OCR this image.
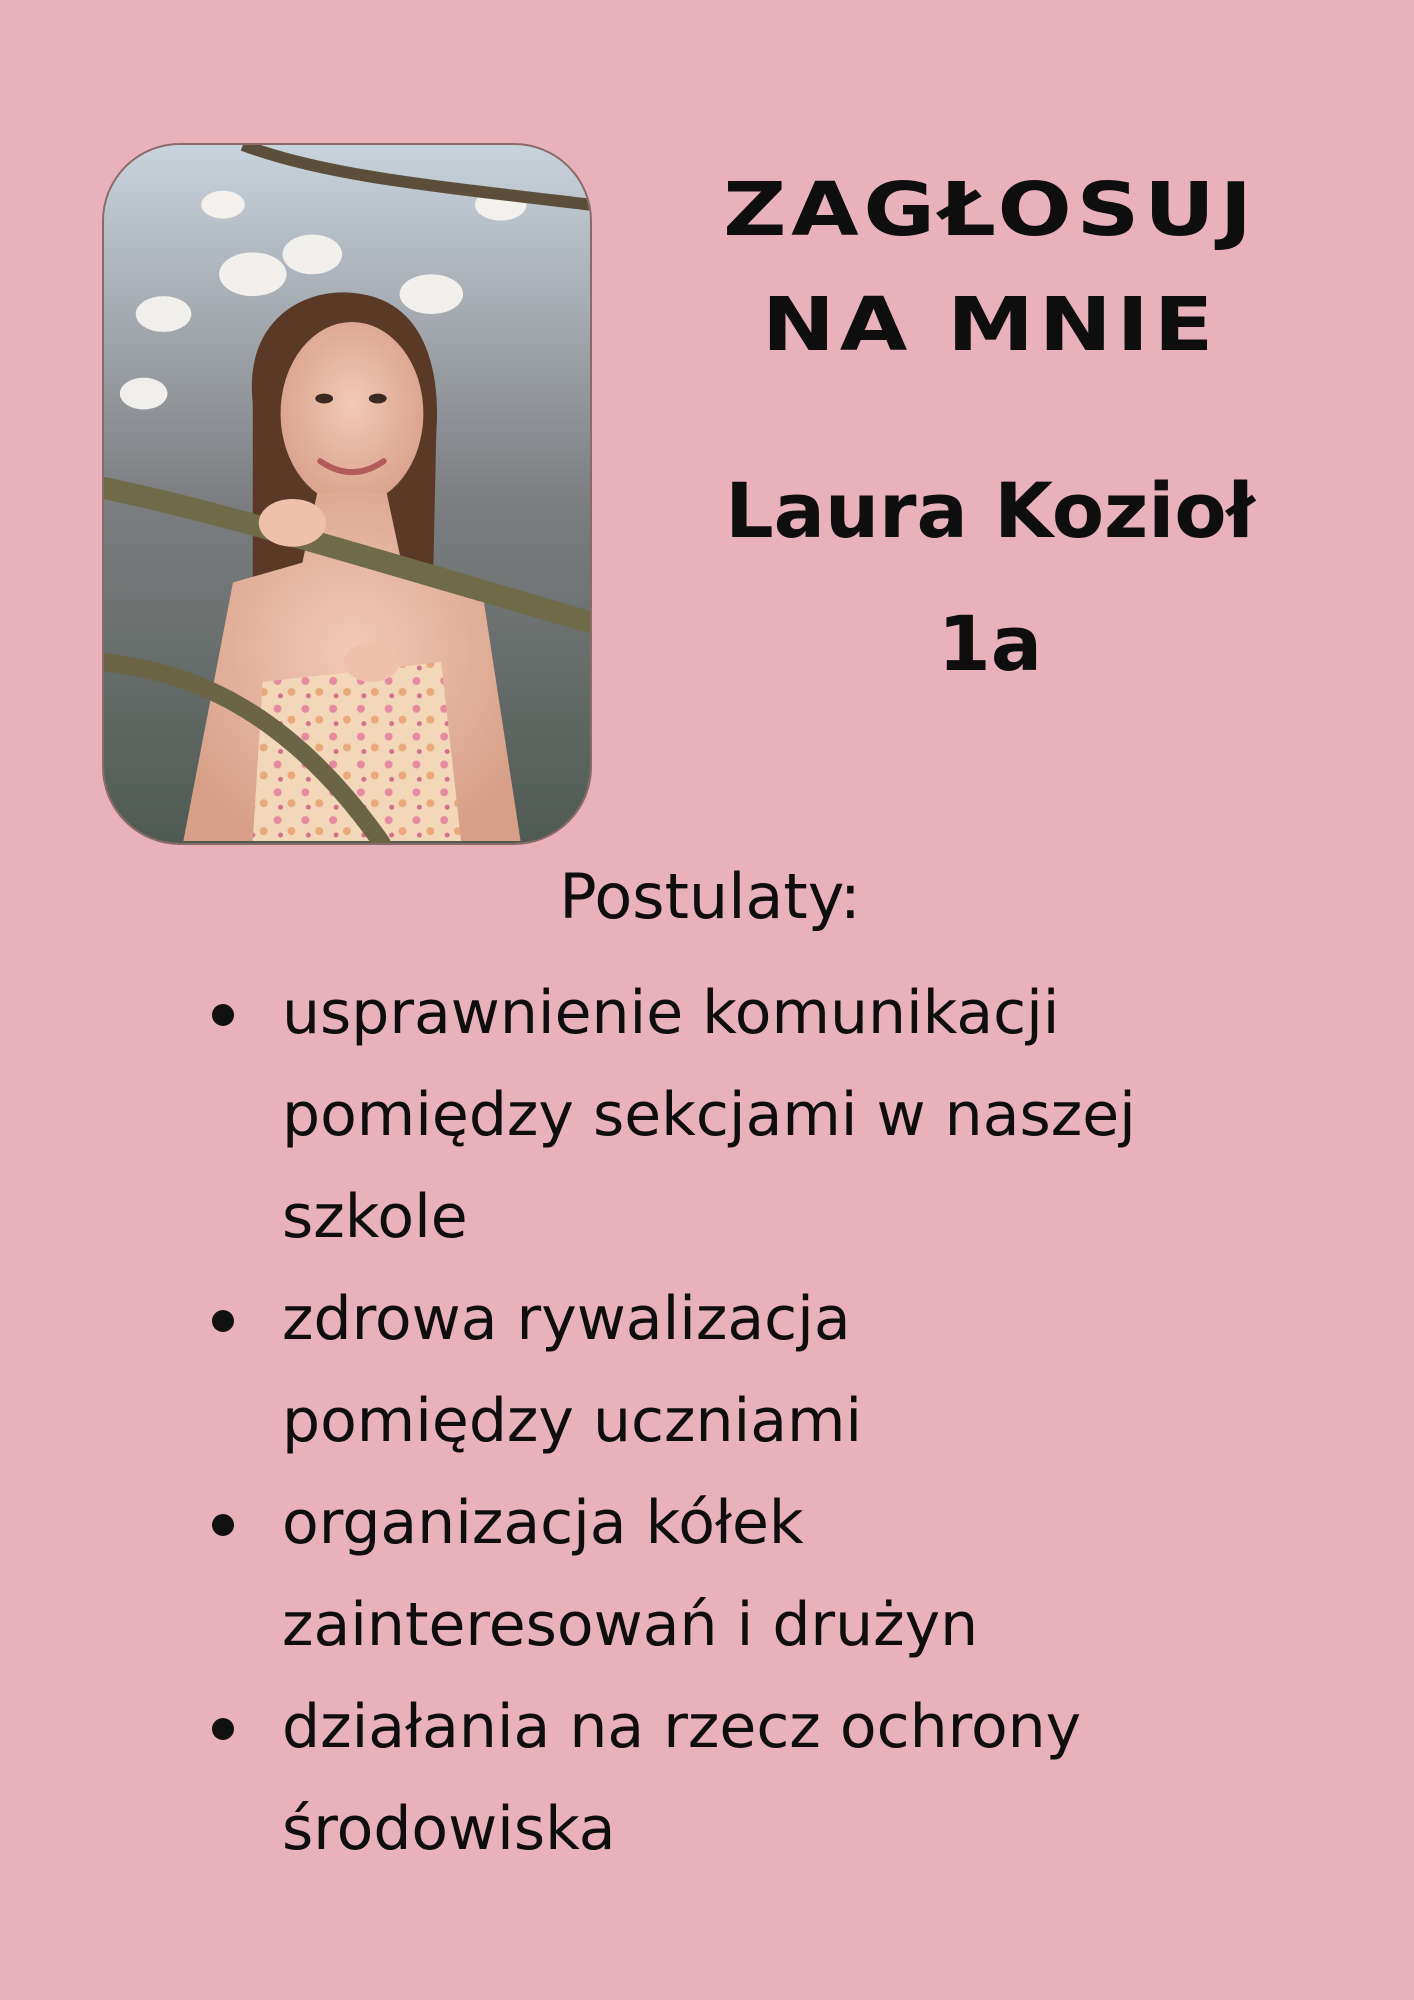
ZAGŁOSUJ
NA MNIE
Laura Kozioł
1a
Postulaty:
usprawnienie komunikacji
pomiędzy sekcjami w naszej
szkole
zdrowa rywalizacja
pomiędzy uczniami
organizacja kółek
zainteresowań i drużyn
działania na rzecz ochrony
środowiska
